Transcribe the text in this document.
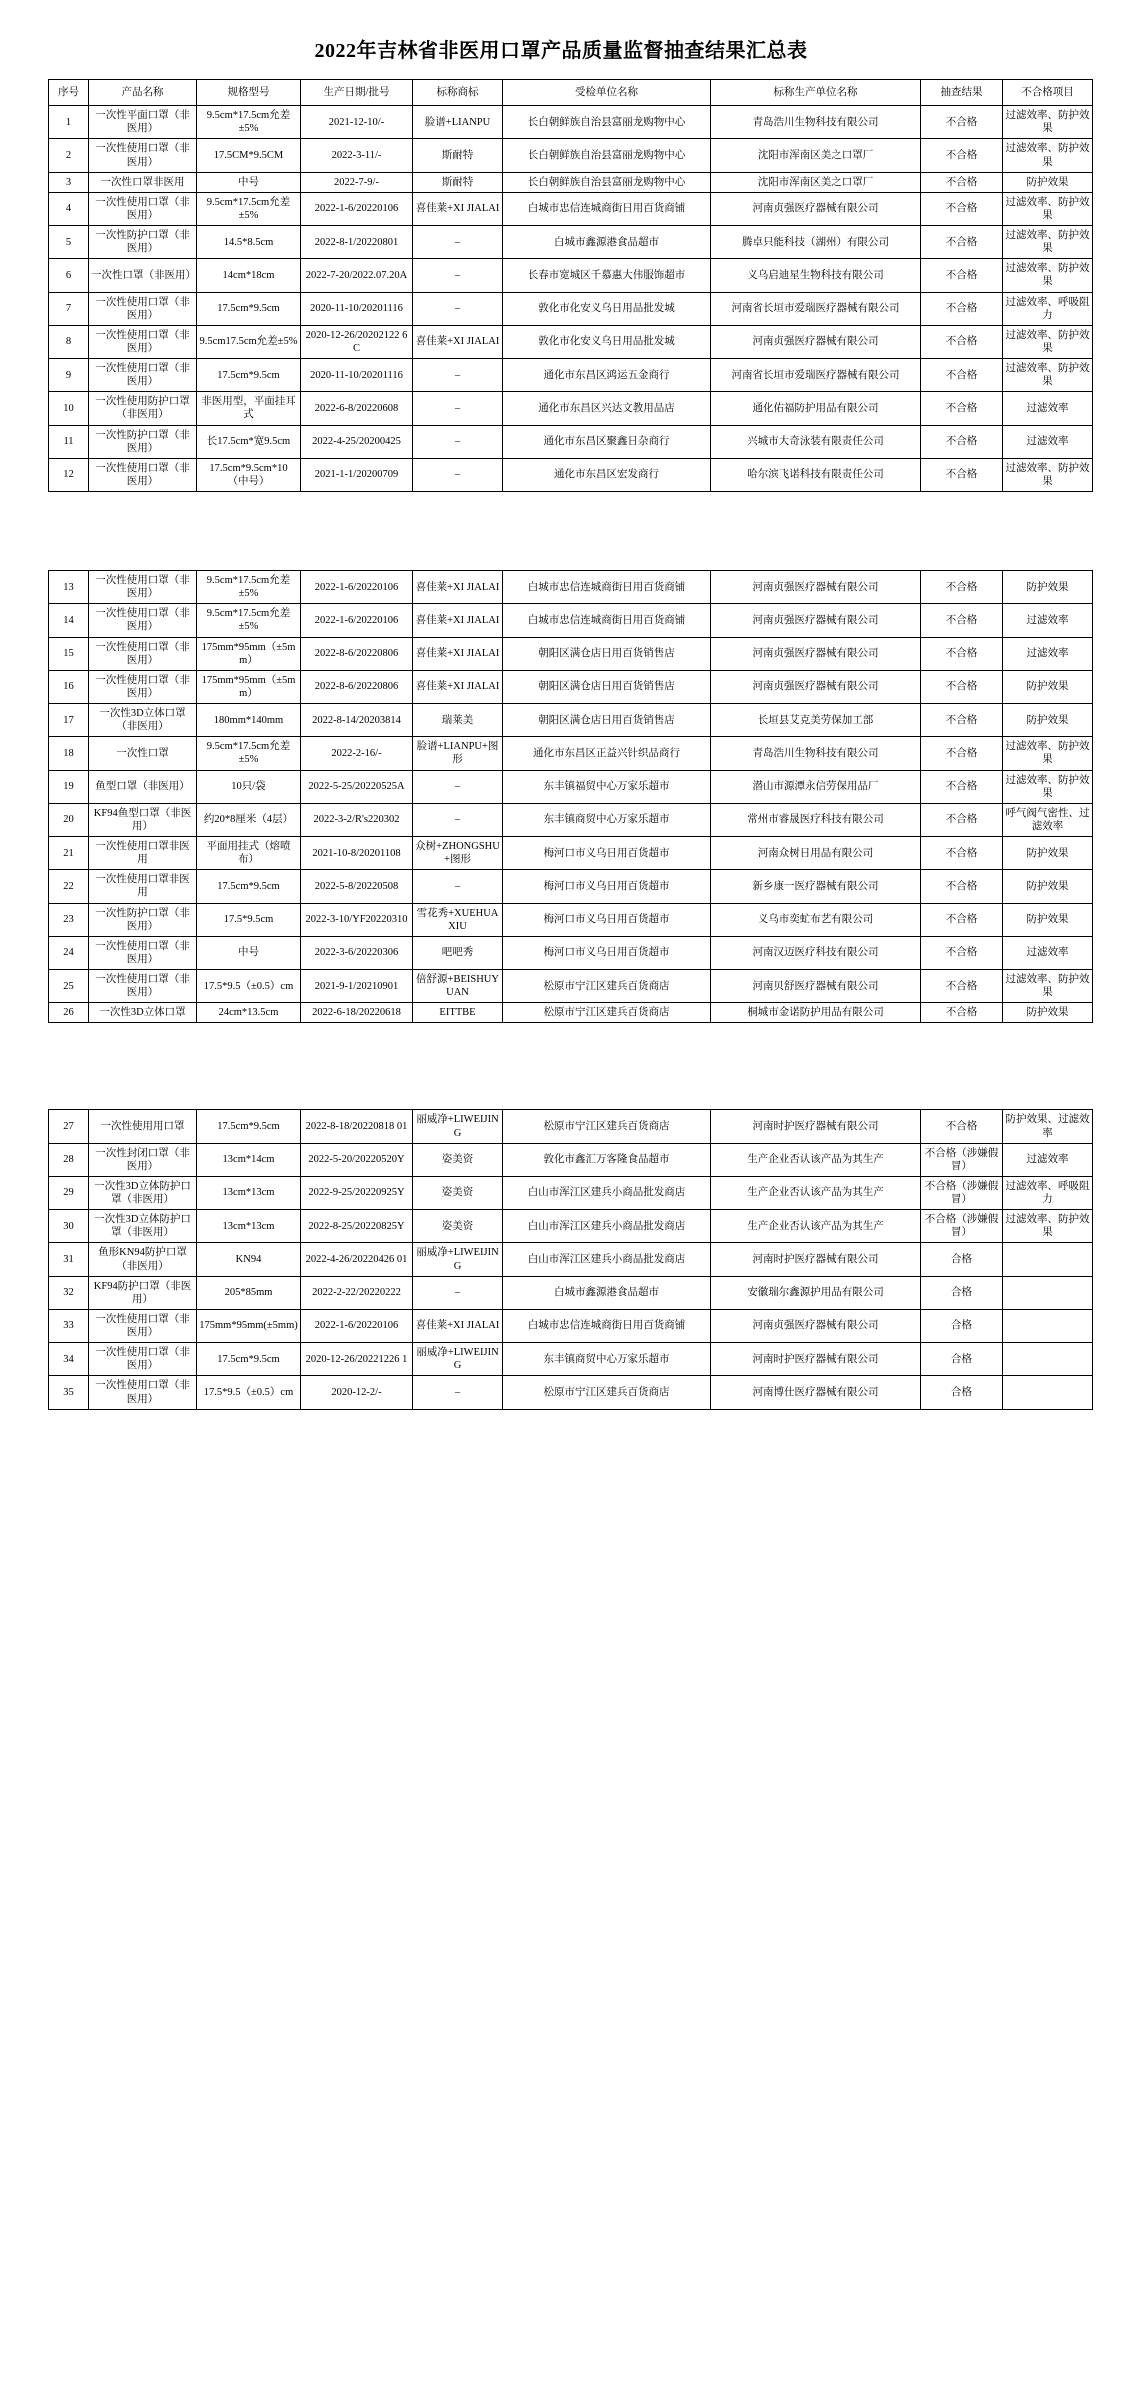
2022年吉林省非医用口罩产品质量监督抽查结果汇总表
序号	产品名称	规格型号	生产日期/批号	标称商标	受检单位名称	标称生产单位名称	抽查结果	不合格项目
1	一次性平面口罩（非医用）	9.5cm*17.5cm允差±5%	2021-12-10/-	脸谱+LIANPU	长白朝鲜族自治县富丽龙购物中心	青岛浩川生物科技有限公司	不合格	过滤效率、防护效果
2	一次性使用口罩（非医用）	17.5CM*9.5CM	2022-3-11/-	斯耐特	长白朝鲜族自治县富丽龙购物中心	沈阳市浑南区美之口罩厂	不合格	过滤效率、防护效果
3	一次性口罩非医用	中号	2022-7-9/-	斯耐特	长白朝鲜族自治县富丽龙购物中心	沈阳市浑南区美之口罩厂	不合格	防护效果
4	一次性使用口罩（非医用）	9.5cm*17.5cm允差±5%	2022-1-6/20220106	喜佳莱+XI JIALAI	白城市忠信连城商街日用百货商铺	河南贞强医疗器械有限公司	不合格	过滤效率、防护效果
5	一次性防护口罩（非医用）	14.5*8.5cm	2022-8-1/20220801	–	白城市鑫源港食品超市	腾卓只能科技（湖州）有限公司	不合格	过滤效率、防护效果
6	一次性口罩（非医用）	14cm*18cm	2022-7-20/2022.07.20A	–	长春市宽城区千慕惠大伟服饰超市	义乌启迪星生物科技有限公司	不合格	过滤效率、防护效果
7	一次性使用口罩（非医用）	17.5cm*9.5cm	2020-11-10/20201116	–	敦化市化安义乌日用品批发城	河南省长垣市爱瑞医疗器械有限公司	不合格	过滤效率、呼吸阻力
8	一次性使用口罩（非医用）	9.5cm17.5cm允差±5%	2020-12-26/20202122 6C	喜佳莱+XI JIALAI	敦化市化安义乌日用品批发城	河南贞强医疗器械有限公司	不合格	过滤效率、防护效果
9	一次性使用口罩（非医用）	17.5cm*9.5cm	2020-11-10/20201116	–	通化市东昌区鸿运五金商行	河南省长垣市爱瑞医疗器械有限公司	不合格	过滤效率、防护效果
10	一次性使用防护口罩（非医用）	非医用型，平面挂耳式	2022-6-8/20220608	–	通化市东昌区兴达文教用品店	通化佑福防护用品有限公司	不合格	过滤效率
11	一次性防护口罩（非医用）	长17.5cm*宽9.5cm	2022-4-25/20200425	–	通化市东昌区聚鑫日杂商行	兴城市大奇泳装有限责任公司	不合格	过滤效率
12	一次性使用口罩（非医用）	17.5cm*9.5cm*10（中号）	2021-1-1/20200709	–	通化市东昌区宏发商行	哈尔滨飞诺科技有限责任公司	不合格	过滤效率、防护效果
13	一次性使用口罩（非医用）	9.5cm*17.5cm允差±5%	2022-1-6/20220106	喜佳莱+XI JIALAI	白城市忠信连城商街日用百货商铺	河南贞强医疗器械有限公司	不合格	防护效果
14	一次性使用口罩（非医用）	9.5cm*17.5cm允差±5%	2022-1-6/20220106	喜佳莱+XI JIALAI	白城市忠信连城商街日用百货商铺	河南贞强医疗器械有限公司	不合格	过滤效率
15	一次性使用口罩（非医用）	175mm*95mm（±5mm）	2022-8-6/20220806	喜佳莱+XI JIALAI	朝阳区满仓店日用百货销售店	河南贞强医疗器械有限公司	不合格	过滤效率
16	一次性使用口罩（非医用）	175mm*95mm（±5mm）	2022-8-6/20220806	喜佳莱+XI JIALAI	朝阳区满仓店日用百货销售店	河南贞强医疗器械有限公司	不合格	防护效果
17	一次性3D立体口罩（非医用）	180mm*140mm	2022-8-14/20203814	瑞莱美	朝阳区满仓店日用百货销售店	长垣县艾克美劳保加工部	不合格	防护效果
18	一次性口罩	9.5cm*17.5cm允差±5%	2022-2-16/-	脸谱+LIANPU+图形	通化市东昌区正益兴针织品商行	青岛浩川生物科技有限公司	不合格	过滤效率、防护效果
19	鱼型口罩（非医用）	10只/袋	2022-5-25/20220525A	–	东丰镇福贸中心万家乐超市	潜山市源潭永信劳保用品厂	不合格	过滤效率、防护效果
20	KF94鱼型口罩（非医用）	约20*8厘米（4层）	2022-3-2/R's220302	–	东丰镇商贸中心万家乐超市	常州市睿晟医疗科技有限公司	不合格	呼气阀气密性、过滤效率
21	一次性使用口罩非医用	平面用挂式（熔喷布）	2021-10-8/20201108	众树+ZHONGSHU+图形	梅河口市义乌日用百货超市	河南众树日用品有限公司	不合格	防护效果
22	一次性使用口罩非医用	17.5cm*9.5cm	2022-5-8/20220508	–	梅河口市义乌日用百货超市	新乡康一医疗器械有限公司	不合格	防护效果
23	一次性防护口罩（非医用）	17.5*9.5cm	2022-3-10/YF20220310	雪花秀+XUEHUAXIU	梅河口市义乌日用百货超市	义乌市奕虻布艺有限公司	不合格	防护效果
24	一次性使用口罩（非医用）	中号	2022-3-6/20220306	吧吧秀	梅河口市义乌日用百货超市	河南汉迈医疗科技有限公司	不合格	过滤效率
25	一次性使用口罩（非医用）	17.5*9.5（±0.5）cm	2021-9-1/20210901	倍舒源+BEISHUYUAN	松原市宁江区建兵百货商店	河南贝舒医疗器械有限公司	不合格	过滤效率、防护效果
26	一次性3D立体口罩	24cm*13.5cm	2022-6-18/20220618	EITTBE	松原市宁江区建兵百货商店	桐城市金诺防护用品有限公司	不合格	防护效果
27	一次性使用用口罩	17.5cm*9.5cm	2022-8-18/20220818 01	丽威净+LIWEIJING	松原市宁江区建兵百货商店	河南时护医疗器械有限公司	不合格	防护效果、过滤效率
28	一次性封闭口罩（非医用）	13cm*14cm	2022-5-20/20220520Y	姿美资	敦化市鑫汇万客隆食品超市	生产企业否认该产品为其生产	不合格（涉嫌假冒）	过滤效率
29	一次性3D立体防护口罩（非医用）	13cm*13cm	2022-9-25/20220925Y	姿美资	白山市浑江区建兵小商品批发商店	生产企业否认该产品为其生产	不合格（涉嫌假冒）	过滤效率、呼吸阻力
30	一次性3D立体防护口罩（非医用）	13cm*13cm	2022-8-25/20220825Y	姿美资	白山市浑江区建兵小商品批发商店	生产企业否认该产品为其生产	不合格（涉嫌假冒）	过滤效率、防护效果
31	鱼形KN94防护口罩（非医用）	KN94	2022-4-26/20220426 01	丽威净+LIWEIJING	白山市浑江区建兵小商品批发商店	河南时护医疗器械有限公司	合格	
32	KF94防护口罩（非医用）	205*85mm	2022-2-22/20220222	–	白城市鑫源港食品超市	安徽瑞尔鑫源护用品有限公司	合格	
33	一次性使用口罩（非医用）	175mm*95mm(±5mm)	2022-1-6/20220106	喜佳莱+XI JIALAI	白城市忠信连城商街日用百货商铺	河南贞强医疗器械有限公司	合格	
34	一次性使用口罩（非医用）	17.5cm*9.5cm	2020-12-26/20221226 1	丽威净+LIWEIJING	东丰镇商贸中心万家乐超市	河南时护医疗器械有限公司	合格	
35	一次性使用口罩（非医用）	17.5*9.5（±0.5）cm	2020-12-2/-	–	松原市宁江区建兵百货商店	河南博仕医疗器械有限公司	合格	
